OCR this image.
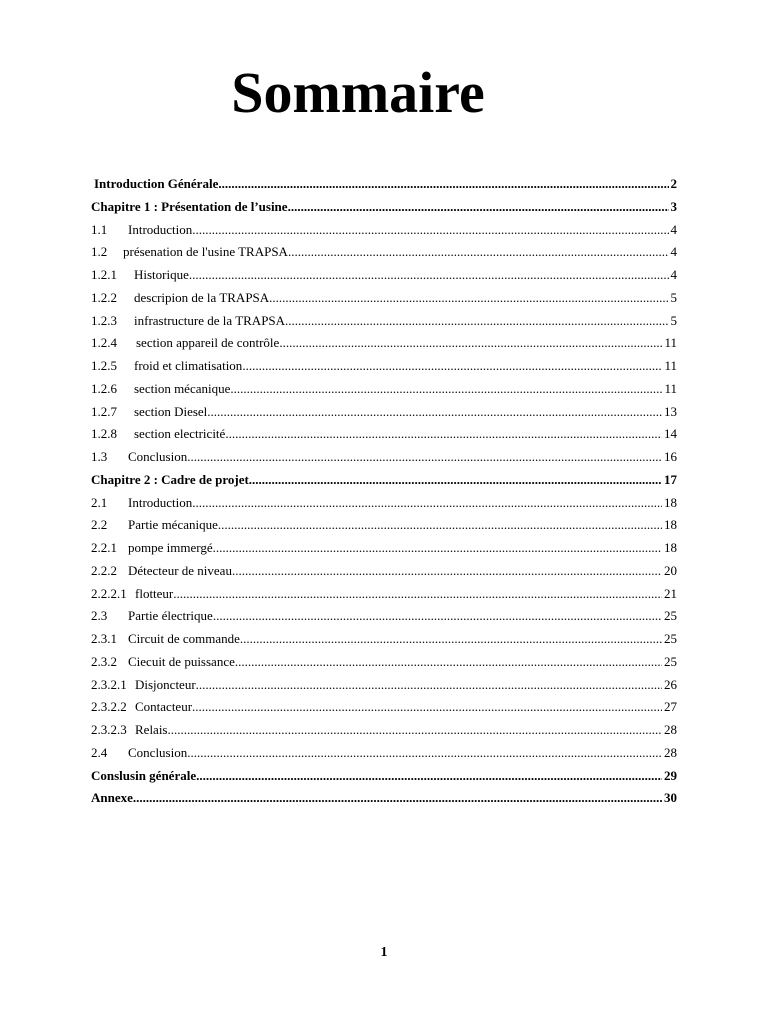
Sommaire
Introduction Générale .....	2
Chapitre 1 : Présentation de l’usine .....	3
1.1	Introduction .....	4
1.2	présenation de l'usine TRAPSA .....	4
1.2.1	Historique .....	4
1.2.2	descripion de la TRAPSA .....	5
1.2.3	infrastructure de la TRAPSA .....	5
1.2.4	section appareil de contrôle .....	11
1.2.5	froid et climatisation .....	11
1.2.6	section mécanique .....	11
1.2.7	section Diesel .....	13
1.2.8	section electricité .....	14
1.3	Conclusion .....	16
Chapitre 2 : Cadre de projet .....	17
2.1	Introduction .....	18
2.2	Partie mécanique .....	18
2.2.1 pompe immergé .....	18
2.2.2 Détecteur de niveau .....	20
2.2.2.1 flotteur .....	21
2.3	Partie électrique .....	25
2.3.1 Circuit de commande .....	25
2.3.2 Ciecuit de puissance .....	25
2.3.2.1 Disjoncteur .....	26
2.3.2.2 Contacteur .....	27
2.3.2.3 Relais .....	28
2.4	Conclusion .....	28
Conslusin générale .....	29
Annexe .....	30
1
